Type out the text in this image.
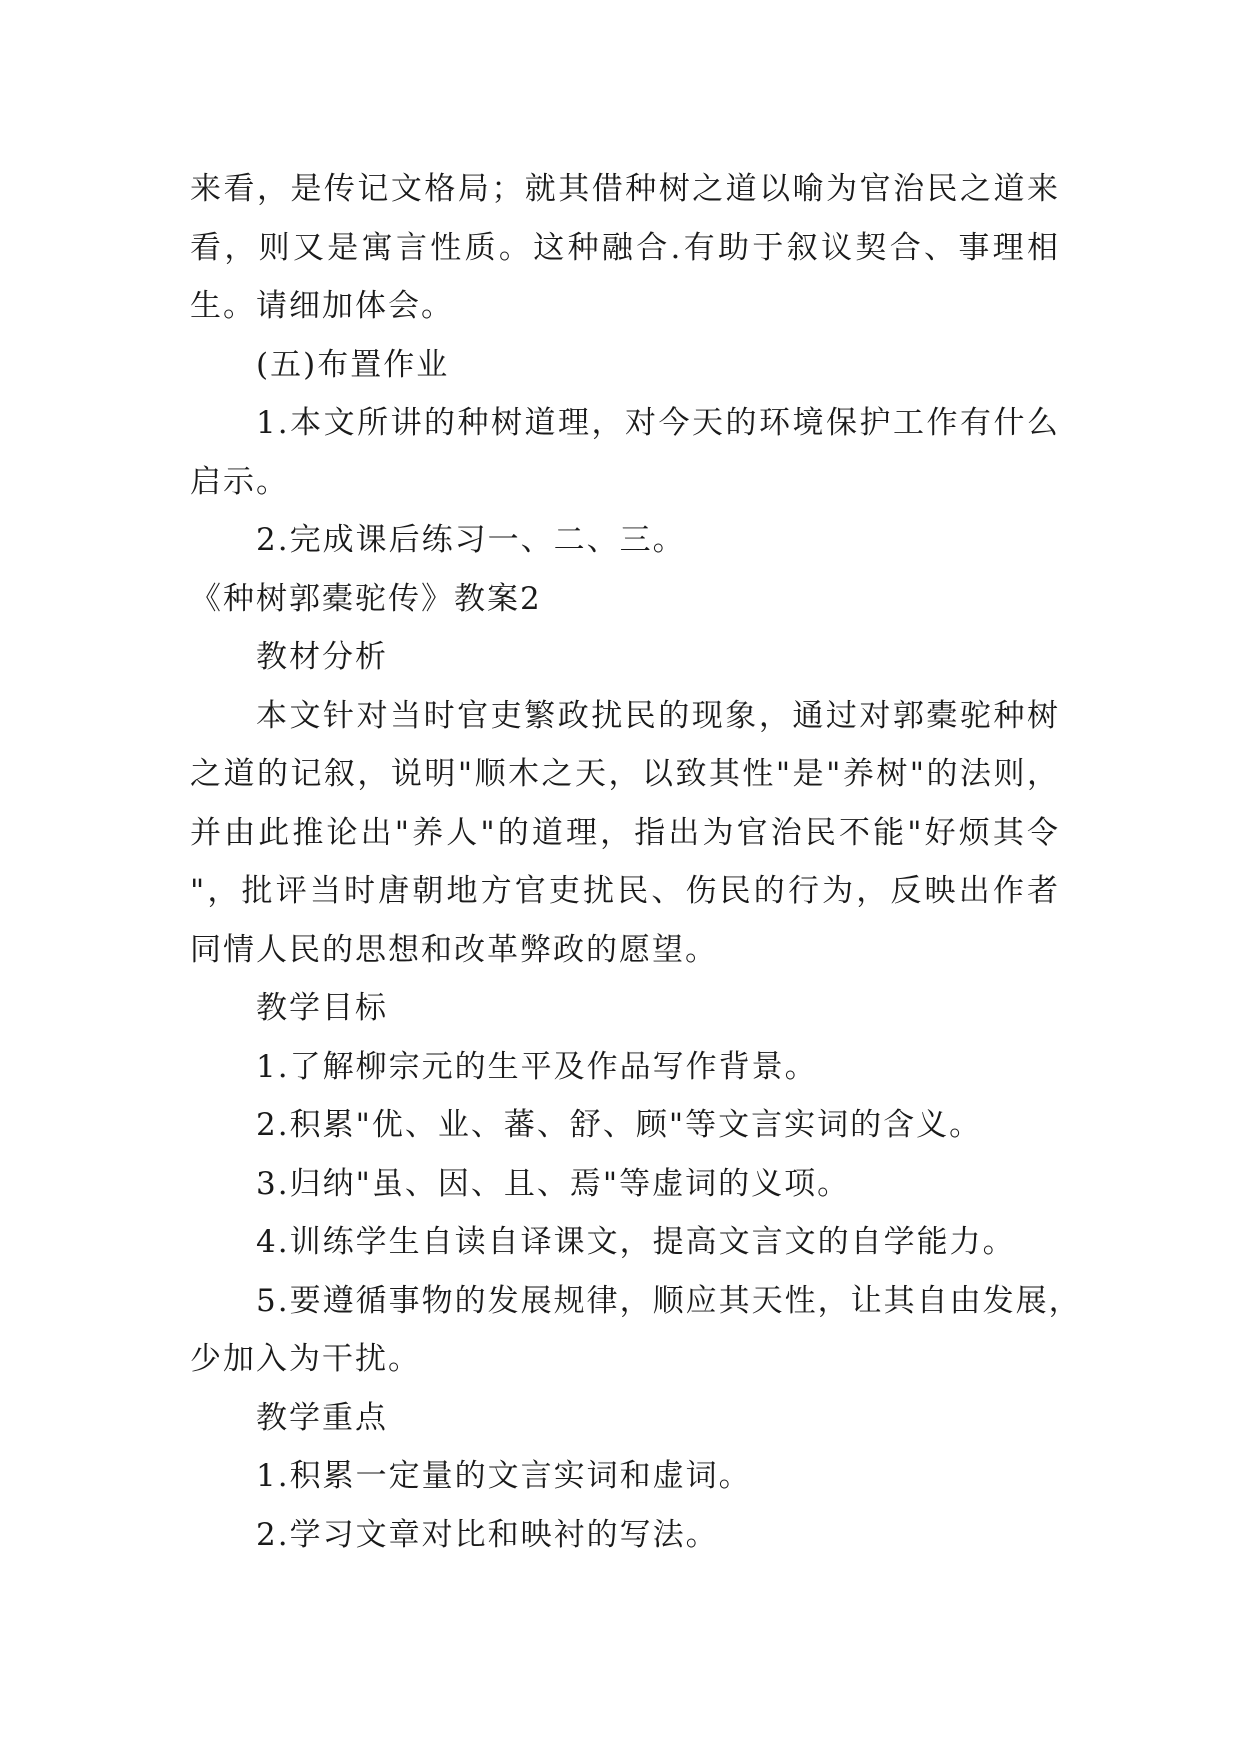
来看，是传记文格局；就其借种树之道以喻为官治民之道来
看，则又是寓言性质。这种融合.有助于叙议契合、事理相
生。请细加体会。
(五)布置作业
1.本文所讲的种树道理，对今天的环境保护工作有什么
启示。
2.完成课后练习一、二、三。
《种树郭橐驼传》教案2
教材分析
本文针对当时官吏繁政扰民的现象，通过对郭橐驼种树
之道的记叙，说明"顺木之天，以致其性"是"养树"的法则，
并由此推论出"养人"的道理，指出为官治民不能"好烦其令
"，批评当时唐朝地方官吏扰民、伤民的行为，反映出作者
同情人民的思想和改革弊政的愿望。
教学目标
1.了解柳宗元的生平及作品写作背景。
2.积累"优、业、蕃、舒、顾"等文言实词的含义。
3.归纳"虽、因、且、焉"等虚词的义项。
4.训练学生自读自译课文，提高文言文的自学能力。
5.要遵循事物的发展规律，顺应其天性，让其自由发展，
少加入为干扰。
教学重点
1.积累一定量的文言实词和虚词。
2.学习文章对比和映衬的写法。
